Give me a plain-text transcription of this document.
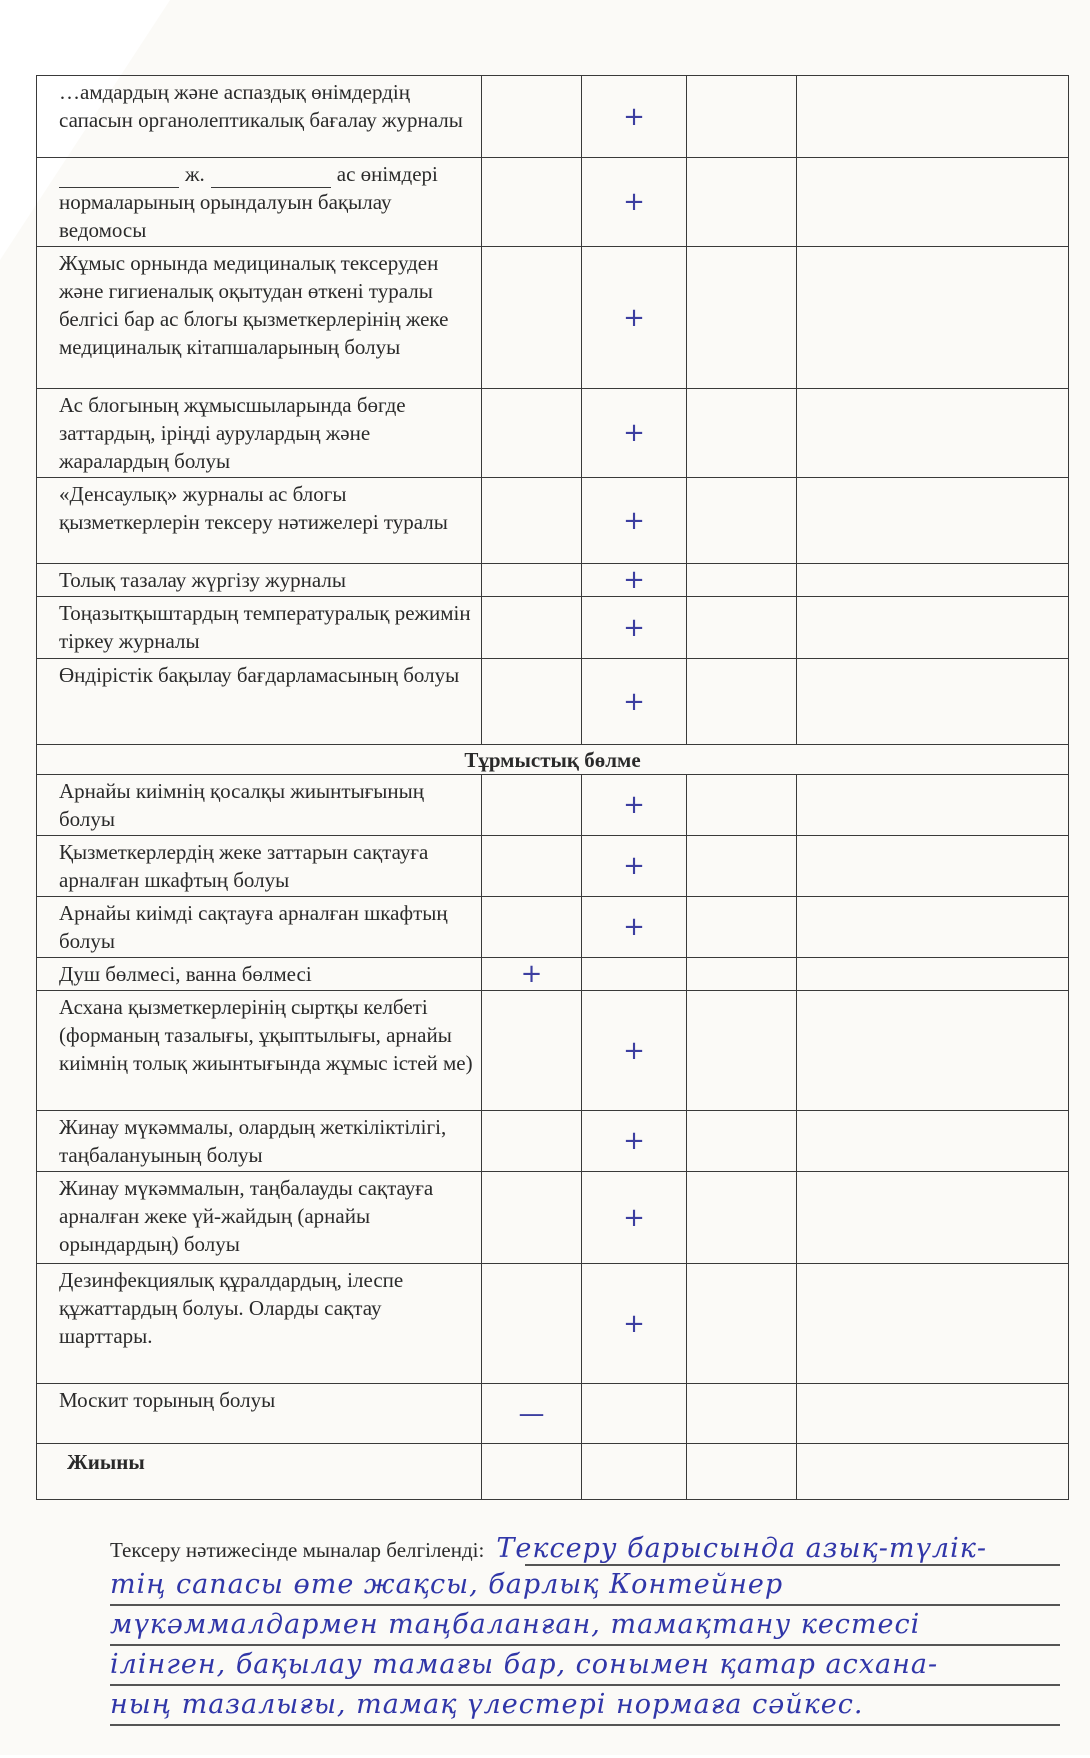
…амдардың және аспаздық өнімдердің сапасын органолептикалық бағалау журналы		+		
ж. ас өнімдері нормаларының орындалуын бақылау ведомосы		+		
Жұмыс орнында медициналық тексеруден және гигиеналық оқытудан өткені туралы белгісі бар ас блогы қызметкерлерінің жеке медициналық кітапшаларының болуы		+		
Ас блогының жұмысшыларында бөгде заттардың, іріңді аурулардың және жаралардың болуы		+		
«Денсаулық» журналы ас блогы қызметкерлерін тексеру нәтижелері туралы		+		
Толық тазалау жүргізу журналы		+		
Тоңазытқыштардың температуралық режимін тіркеу журналы		+		
Өндірістік бақылау бағдарламасының болуы		+		
Тұрмыстық бөлме				
Арнайы киімнің қосалқы жиынтығының болуы		+		
Қызметкерлердің жеке заттарын сақтауға арналған шкафтың болуы		+		
Арнайы киімді сақтауға арналған шкафтың болуы		+		
Душ бөлмесі, ванна бөлмесі	+			
Асхана қызметкерлерінің сыртқы келбеті (форманың тазалығы, ұқыптылығы, арнайы киімнің толық жиынтығында жұмыс істей ме)		+		
Жинау мүкәммалы, олардың жеткіліктілігі, таңбалануының болуы		+		
Жинау мүкәммалын, таңбалауды сақтауға арналған жеке үй-жайдың (арнайы орындардың) болуы		+		
Дезинфекциялық құралдардың, ілеспе құжаттардың болуы. Оларды сақтау шарттары.		+		
Москит торының болуы	—			
Жиыны				
Тексеру нәтижесінде мыналар белгіленді: Тексеру барысында азық-түлік-
тің сапасы өте жақсы, барлық Контейнер
мүкәммалдармен таңбаланған, тамақтану кестесі
ілінген, бақылау тамағы бар, сонымен қатар асхана-
ның тазалығы, тамақ үлестері нормаға сәйкес.
